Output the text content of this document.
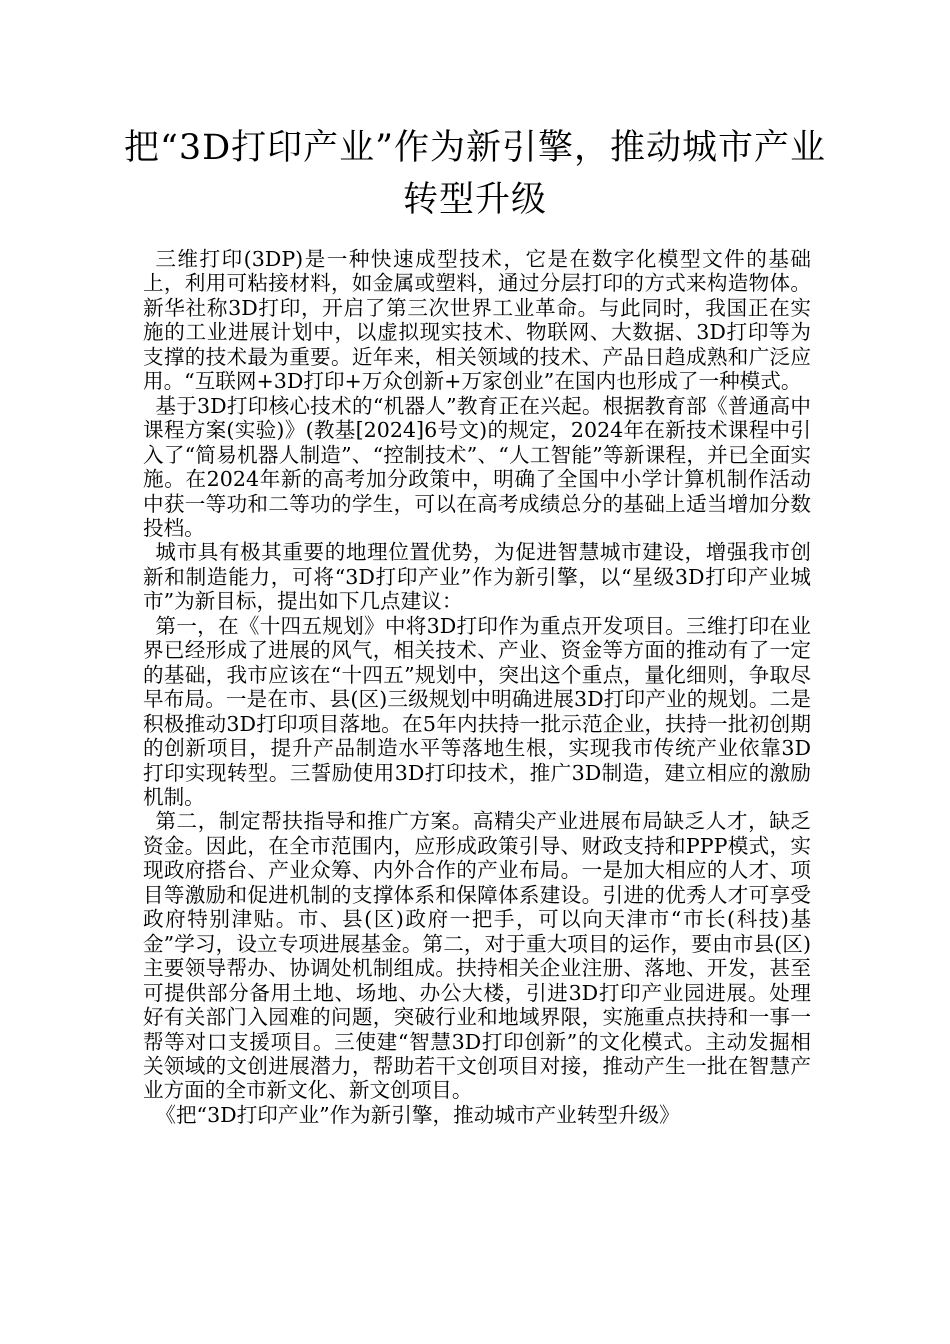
把“3D打印产业”作为新引擎，推动城市产业转型升级

三维打印(3DP)是一种快速成型技术，它是在数字化模型文件的基础上，利用可粘接材料，如金属或塑料，通过分层打印的方式来构造物体。新华社称3D打印，开启了第三次世界工业革命。与此同时，我国正在实施的工业进展计划中，以虚拟现实技术、物联网、大数据、3D打印等为支撑的技术最为重要。近年来，相关领域的技术、产品日趋成熟和广泛应用。“互联网+3D打印+万众创新+万家创业”在国内也形成了一种模式。

基于3D打印核心技术的“机器人”教育正在兴起。根据教育部《普通高中课程方案(实验)》(教基[2024]6号文)的规定，2024年在新技术课程中引入了“简易机器人制造”、“控制技术”、“人工智能”等新课程，并已全面实施。在2024年新的高考加分政策中，明确了全国中小学计算机制作活动中获一等功和二等功的学生，可以在高考成绩总分的基础上适当增加分数投档。

城市具有极其重要的地理位置优势，为促进智慧城市建设，增强我市创新和制造能力，可将“3D打印产业”作为新引擎，以“星级3D打印产业城市”为新目标，提出如下几点建议：

第一，在《十四五规划》中将3D打印作为重点开发项目。三维打印在业界已经形成了进展的风气，相关技术、产业、资金等方面的推动有了一定的基础，我市应该在“十四五”规划中，突出这个重点，量化细则，争取尽早布局。一是在市、县(区)三级规划中明确进展3D打印产业的规划。二是积极推动3D打印项目落地。在5年内扶持一批示范企业，扶持一批初创期的创新项目，提升产品制造水平等落地生根，实现我市传统产业依靠3D打印实现转型。三誓励使用3D打印技术，推广3D制造，建立相应的激励机制。

第二，制定帮扶指导和推广方案。高精尖产业进展布局缺乏人才，缺乏资金。因此，在全市范围内，应形成政策引导、财政支持和PPP模式，实现政府搭台、产业众筹、内外合作的产业布局。一是加大相应的人才、项目等激励和促进机制的支撑体系和保障体系建设。引进的优秀人才可享受政府特别津贴。市、县(区)政府一把手，可以向天津市“市长(科技)基金”学习，设立专项进展基金。第二，对于重大项目的运作，要由市县(区)主要领导帮办、协调处机制组成。扶持相关企业注册、落地、开发，甚至可提供部分备用土地、场地、办公大楼，引进3D打印产业园进展。处理好有关部门入园难的问题，突破行业和地域界限，实施重点扶持和一事一帮等对口支援项目。三使建“智慧3D打印创新”的文化模式。主动发掘相关领域的文创进展潜力，帮助若干文创项目对接，推动产生一批在智慧产业方面的全市新文化、新文创项目。

《把“3D打印产业”作为新引擎，推动城市产业转型升级》
